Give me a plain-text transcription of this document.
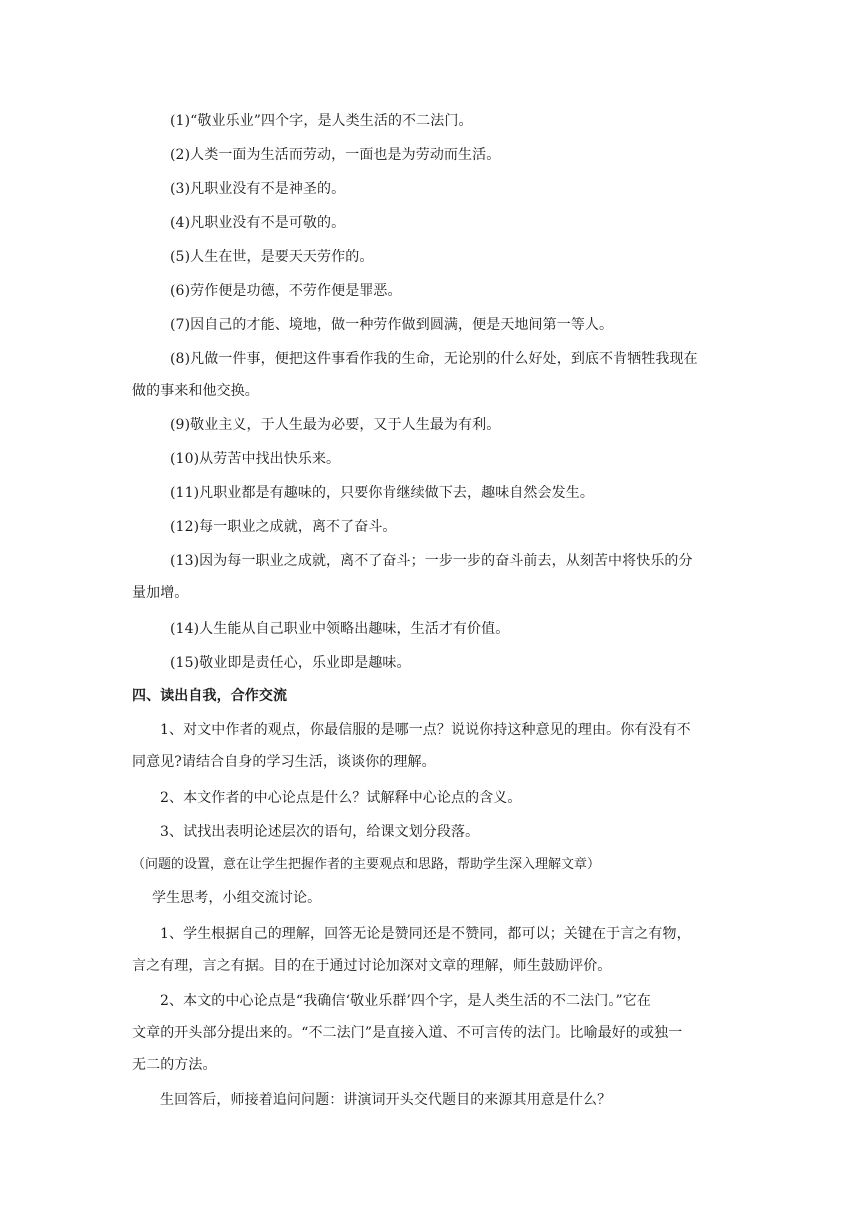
(1)“敬业乐业”四个字，是人类生活的不二法门。
(2)人类一面为生活而劳动，一面也是为劳动而生活。
(3)凡职业没有不是神圣的。
(4)凡职业没有不是可敬的。
(5)人生在世，是要天天劳作的。
(6)劳作便是功德，不劳作便是罪恶。
(7)因自己的才能、境地，做一种劳作做到圆满，便是天地间第一等人。
(8)凡做一件事，便把这件事看作我的生命，无论别的什么好处，到底不肯牺牲我现在
做的事来和他交换。
(9)敬业主义，于人生最为必要，又于人生最为有利。
(10)从劳苦中找出快乐来。
(11)凡职业都是有趣味的，只要你肯继续做下去，趣味自然会发生。
(12)每一职业之成就，离不了奋斗。
(13)因为每一职业之成就，离不了奋斗；一步一步的奋斗前去，从刻苦中将快乐的分
量加增。
(14)人生能从自己职业中领略出趣味，生活才有价值。
(15)敬业即是责任心，乐业即是趣味。
四、读出自我，合作交流
1、对文中作者的观点，你最信服的是哪一点？说说你持这种意见的理由。你有没有不
同意见?请结合自身的学习生活，谈谈你的理解。
2、本文作者的中心论点是什么？试解释中心论点的含义。
3、试找出表明论述层次的语句，给课文划分段落。
（问题的设置，意在让学生把握作者的主要观点和思路，帮助学生深入理解文章）
学生思考，小组交流讨论。
1、学生根据自己的理解，回答无论是赞同还是不赞同，都可以；关键在于言之有物，
言之有理，言之有据。目的在于通过讨论加深对文章的理解，师生鼓励评价。
2、本文的中心论点是“我确信‘敬业乐群’四个字，是人类生活的不二法门。”它在
文章的开头部分提出来的。“不二法门”是直接入道、不可言传的法门。比喻最好的或独一
无二的方法。
生回答后，师接着追问问题：讲演词开头交代题目的来源其用意是什么？
